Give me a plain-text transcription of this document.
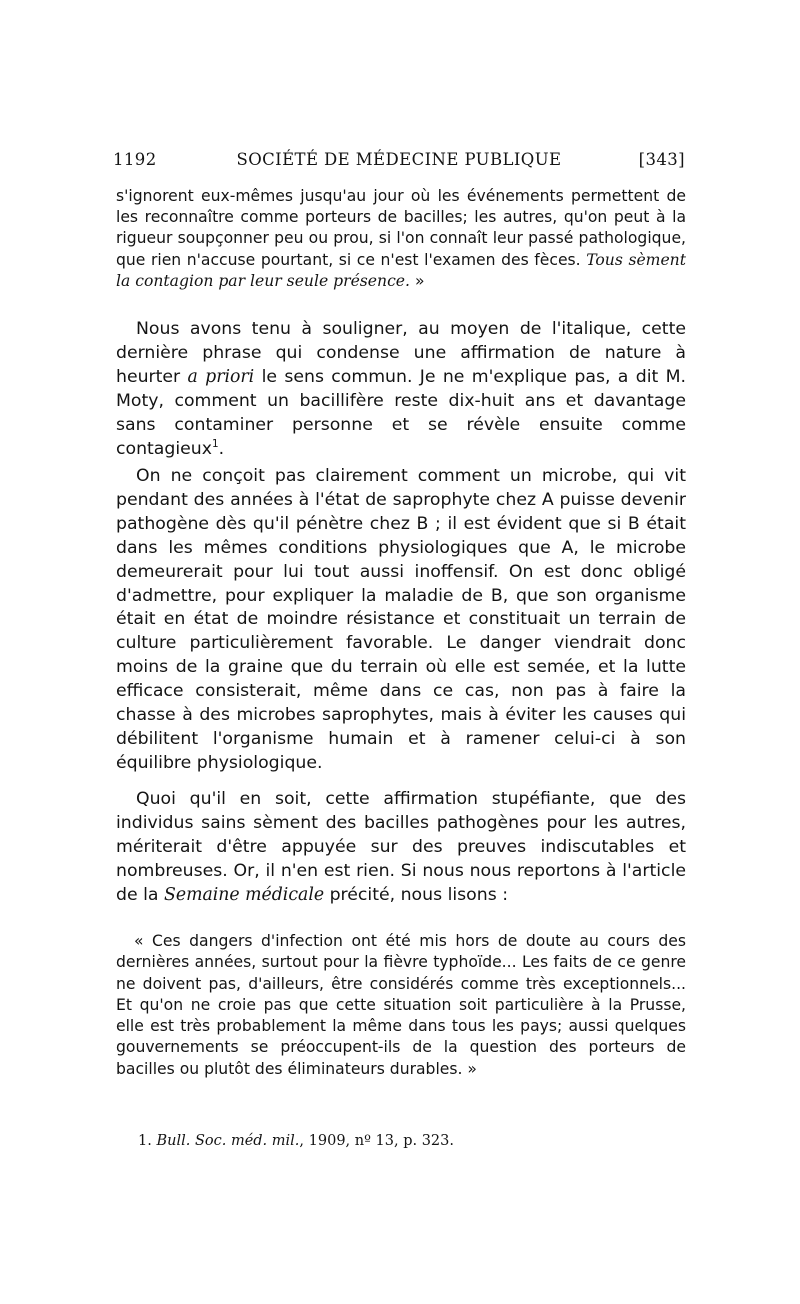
1192	SOCIÉTÉ DE MÉDECINE PUBLIQUE	[343]

s'ignorent eux-mêmes jusqu'au jour où les événements permettent de les reconnaître comme porteurs de bacilles; les autres, qu'on peut à la rigueur soupçonner peu ou prou, si l'on connaît leur passé pathologique, que rien n'accuse pourtant, si ce n'est l'examen des fèces. Tous sèment la contagion par leur seule présence. »

Nous avons tenu à souligner, au moyen de l'italique, cette dernière phrase qui condense une affirmation de nature à heurter a priori le sens commun. Je ne m'explique pas, a dit M. Moty, comment un bacillifère reste dix-huit ans et davantage sans contaminer personne et se révèle ensuite comme contagieux$^1$.

On ne conçoit pas clairement comment un microbe, qui vit pendant des années à l'état de saprophyte chez A puisse devenir pathogène dès qu'il pénètre chez B ; il est évident que si B était dans les mêmes conditions physiologiques que A, le microbe demeurerait pour lui tout aussi inoffensif. On est donc obligé d'admettre, pour expliquer la maladie de B, que son organisme était en état de moindre résistance et constituait un terrain de culture particulièrement favorable. Le danger viendrait donc moins de la graine que du terrain où elle est semée, et la lutte efficace consisterait, même dans ce cas, non pas à faire la chasse à des microbes saprophytes, mais à éviter les causes qui débilitent l'organisme humain et à ramener celui-ci à son équilibre physiologique.

Quoi qu'il en soit, cette affirmation stupéfiante, que des individus sains sèment des bacilles pathogènes pour les autres, mériterait d'être appuyée sur des preuves indiscutables et nombreuses. Or, il n'en est rien. Si nous nous reportons à l'article de la Semaine médicale précité, nous lisons :

« Ces dangers d'infection ont été mis hors de doute au cours des dernières années, surtout pour la fièvre typhoïde... Les faits de ce genre ne doivent pas, d'ailleurs, être considérés comme très exceptionnels... Et qu'on ne croie pas que cette situation soit particulière à la Prusse, elle est très probablement la même dans tous les pays; aussi quelques gouvernements se préoccupent-ils de la question des porteurs de bacilles ou plutôt des éliminateurs durables. »

1. Bull. Soc. méd. mil., 1909, nº 13, p. 323.
